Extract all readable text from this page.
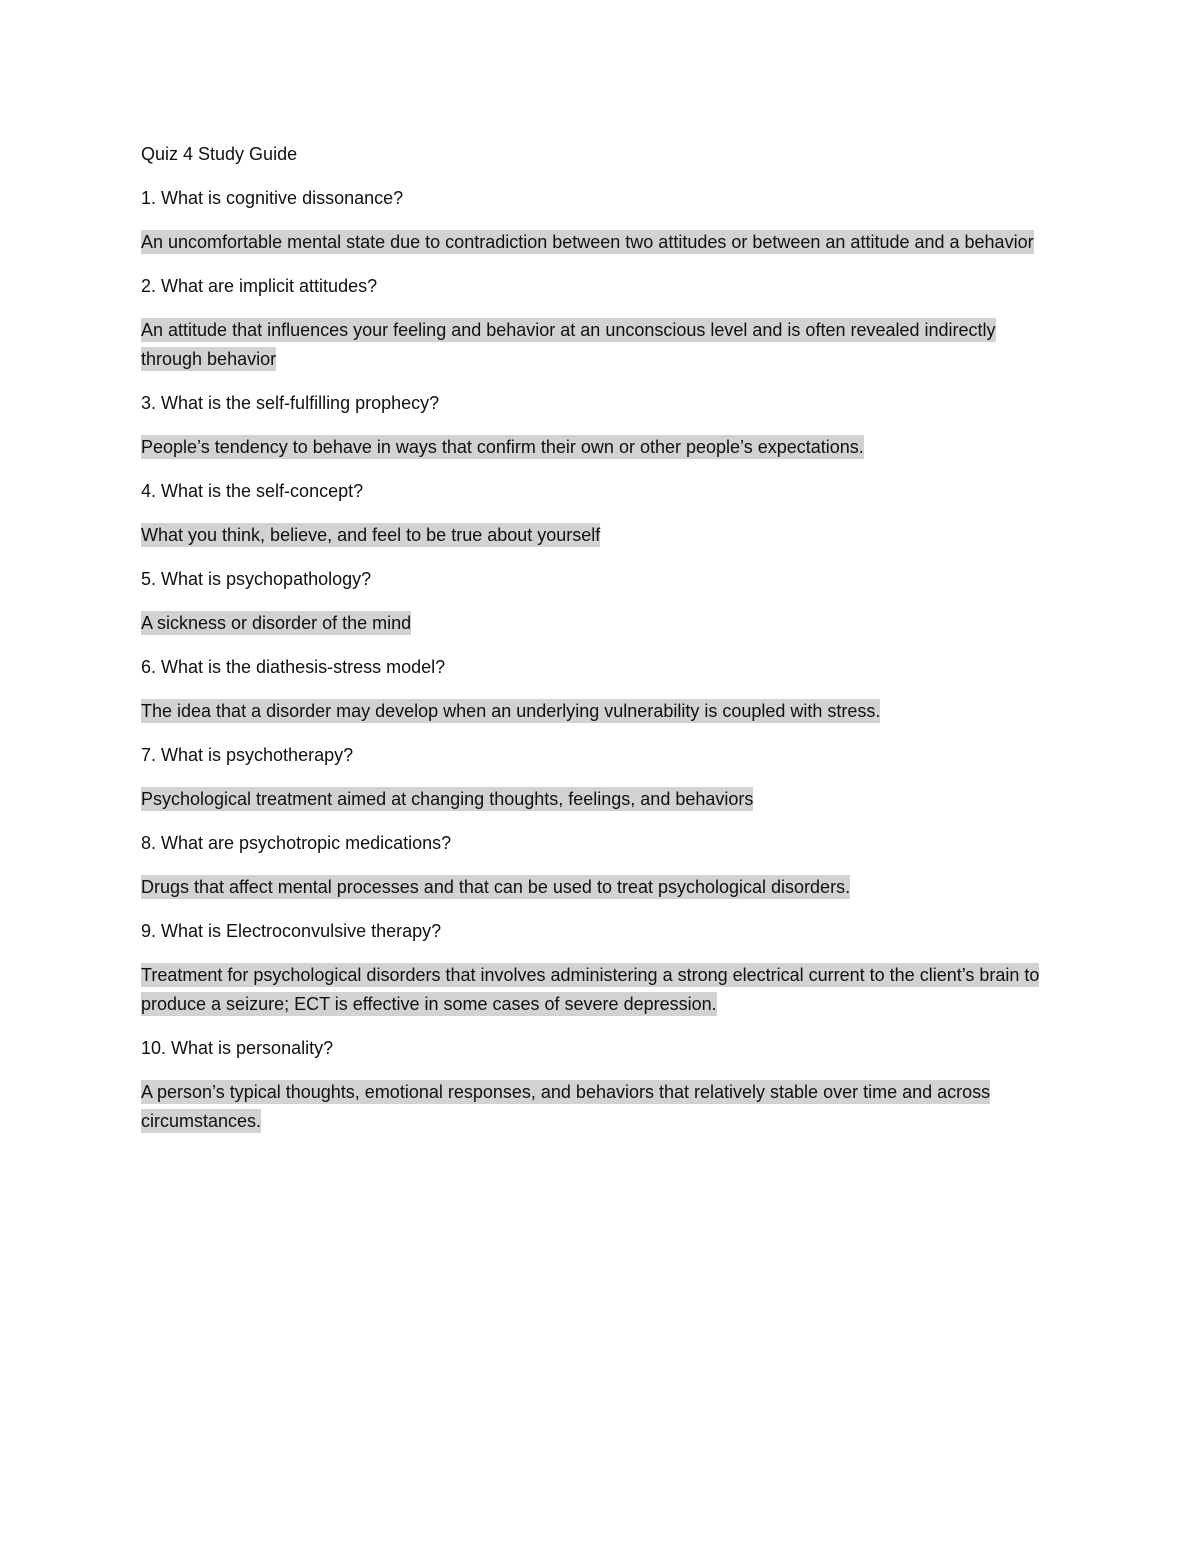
Quiz 4 Study Guide

1. What is cognitive dissonance?

An uncomfortable mental state due to contradiction between two attitudes or between an attitude and a behavior

2. What are implicit attitudes?

An attitude that influences your feeling and behavior at an unconscious level and is often revealed indirectly through behavior

3. What is the self-fulfilling prophecy?

People’s tendency to behave in ways that confirm their own or other people’s expectations.

4. What is the self-concept?

What you think, believe, and feel to be true about yourself

5. What is psychopathology?

A sickness or disorder of the mind

6. What is the diathesis-stress model?

The idea that a disorder may develop when an underlying vulnerability is coupled with stress.

7. What is psychotherapy?

Psychological treatment aimed at changing thoughts, feelings, and behaviors

8. What are psychotropic medications?

Drugs that affect mental processes and that can be used to treat psychological disorders.

9. What is Electroconvulsive therapy?

Treatment for psychological disorders that involves administering a strong electrical current to the client’s brain to produce a seizure; ECT is effective in some cases of severe depression.

10. What is personality?

A person’s typical thoughts, emotional responses, and behaviors that relatively stable over time and across circumstances.
